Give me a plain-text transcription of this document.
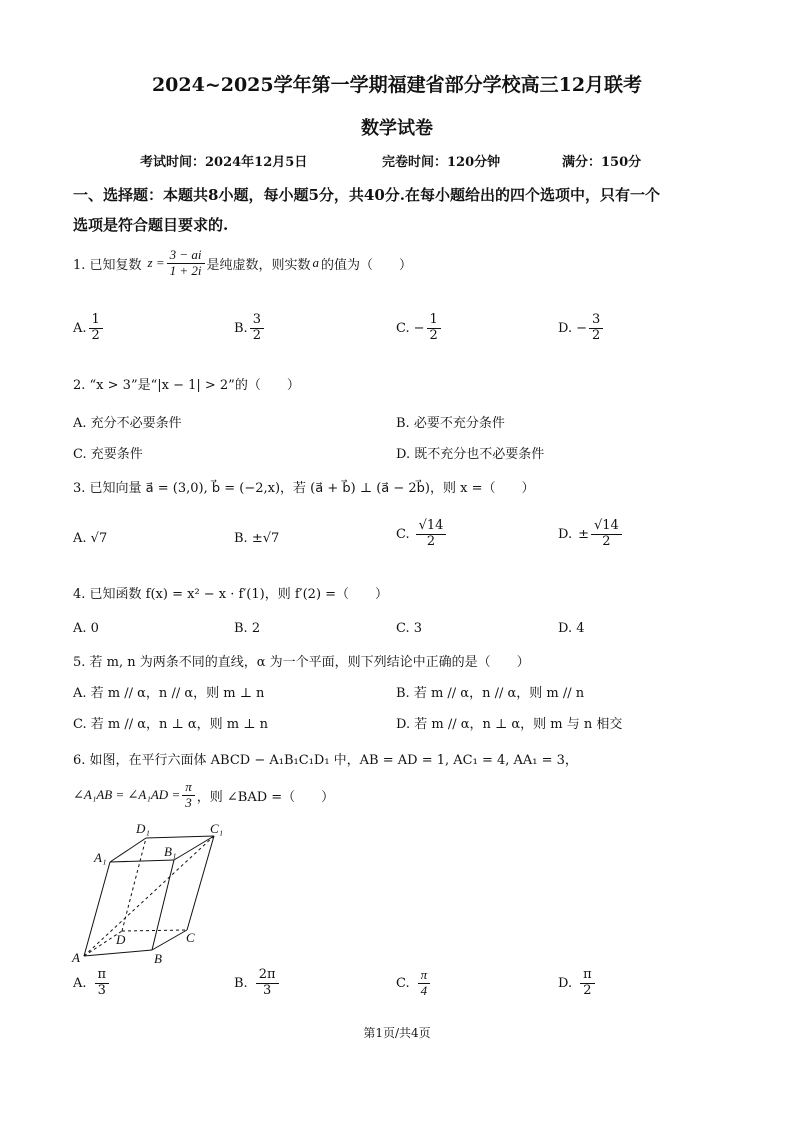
2024~2025学年第一学期福建省部分学校高三12月联考
数学试卷
考试时间：2024年12月5日	完卷时间：120分钟	满分：150分
一、选择题：本题共8小题，每小题5分，共40分.在每小题给出的四个选项中，只有一个
选项是符合题目要求的.
1. 已知复数 $z = \frac{3 - ai}{1 + 2i}$ 是纯虚数，则实数 a 的值为（　　）
A. $\frac{1}{2}$	B. $\frac{3}{2}$	C. − $\frac{1}{2}$	D. − $\frac{3}{2}$
2. “x > 3”是“|x − 1| > 2”的（　　）
A. 充分不必要条件	B. 必要不充分条件
C. 充要条件	D. 既不充分也不必要条件
3. 已知向量 a⃗ = (3,0), b⃗ = (−2,x)，若 (a⃗ + b⃗) ⊥ (a⃗ − 2b⃗)，则 x =（　　）
A. √7	B. ±√7	C. $\frac{√14}{2}$	D. ± $\frac{√14}{2}$
4. 已知函数 f(x) = x² − x · f′(1)，则 f′(2) =（　　）
A. 0	B. 2	C. 3	D. 4
5. 若 m, n 为两条不同的直线，α 为一个平面，则下列结论中正确的是（　　）
A. 若 m // α，n // α，则 m ⊥ n	B. 若 m // α，n // α，则 m // n
C. 若 m // α，n ⊥ α，则 m ⊥ n	D. 若 m // α，n ⊥ α，则 m 与 n 相交
6. 如图，在平行六面体 ABCD − A₁B₁C₁D₁ 中，AB = AD = 1, AC₁ = 4, AA₁ = 3，
∠A₁AB = ∠A₁AD = $\frac{\pi}{3}$ ，则 ∠BAD =（　　）
D₁	C₁
A₁	B₁
D	C
A	B
A. $\frac{\pi}{3}$	B. $\frac{2\pi}{3}$	C. $\frac{\pi}{4}$	D. $\frac{\pi}{2}$
第1页/共4页
